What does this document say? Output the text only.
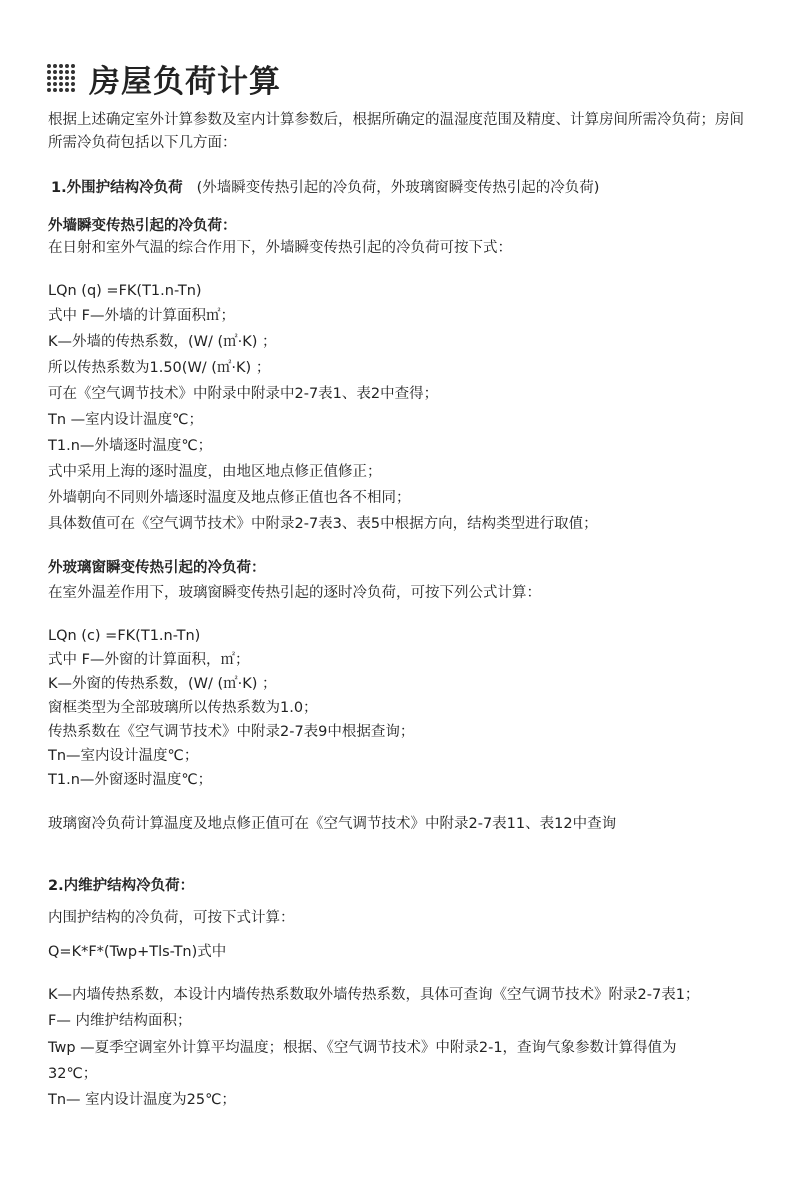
房屋负荷计算
根据上述确定室外计算参数及室内计算参数后，根据所确定的温湿度范围及精度、计算房间所需冷负荷；房间所需冷负荷包括以下几方面：
1.外围护结构冷负荷 (外墙瞬变传热引起的冷负荷，外玻璃窗瞬变传热引起的冷负荷)
外墙瞬变传热引起的冷负荷：
在日射和室外气温的综合作用下，外墙瞬变传热引起的冷负荷可按下式：
LQn (q) =FK(T1.n-Tn)
式中 F—外墙的计算面积㎡；
K—外墙的传热系数，(W/ (㎡·K) ；
所以传热系数为1.50(W/ (㎡·K) ；
可在《空气调节技术》中附录中附录中2-7表1、表2中查得；
Tn —室内设计温度℃；
T1.n—外墙逐时温度℃；
式中采用上海的逐时温度，由地区地点修正值修正；
外墙朝向不同则外墙逐时温度及地点修正值也各不相同；
具体数值可在《空气调节技术》中附录2-7表3、表5中根据方向，结构类型进行取值；
外玻璃窗瞬变传热引起的冷负荷：
在室外温差作用下，玻璃窗瞬变传热引起的逐时冷负荷，可按下列公式计算：
LQn (c) =FK(T1.n-Tn)
式中 F—外窗的计算面积，㎡；
K—外窗的传热系数，(W/ (㎡·K) ；
窗框类型为全部玻璃所以传热系数为1.0；
传热系数在《空气调节技术》中附录2-7表9中根据查询；
Tn—室内设计温度℃；
T1.n—外窗逐时温度℃；
玻璃窗冷负荷计算温度及地点修正值可在《空气调节技术》中附录2-7表11、表12中查询
2.内维护结构冷负荷：
内围护结构的冷负荷，可按下式计算：
Q=K*F*(Twp+Tls-Tn)式中
K—内墙传热系数，本设计内墙传热系数取外墙传热系数，具体可查询《空气调节技术》附录2-7表1；
F— 内维护结构面积；
Twp —夏季空调室外计算平均温度；根据、《空气调节技术》中附录2-1，查询气象参数计算得值为
32℃；
Tn— 室内设计温度为25℃；
